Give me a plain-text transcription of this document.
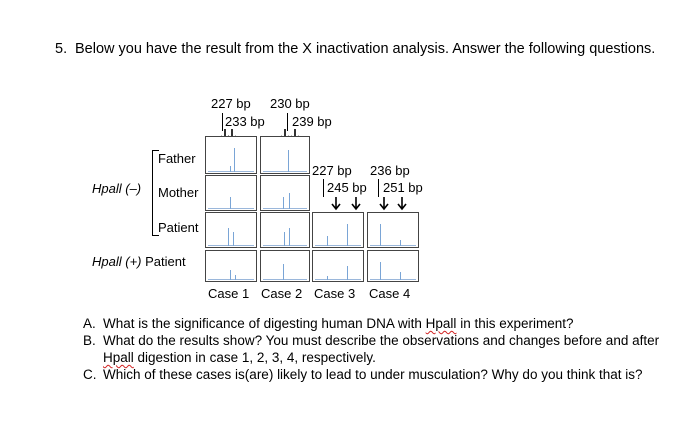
5. Below you have the result from the X inactivation analysis. Answer the following questions.
227 bp 230 bp
233 bp 239 bp
227 bp 236 bp
245 bp 251 bp
Father
Mother
Patient
Hpall (–)
Hpall (+) Patient
Case 1 Case 2 Case 3 Case 4
A. What is the significance of digesting human DNA with Hpall in this experiment?
B. What do the results show? You must describe the observations and changes before and after Hpall digestion in case 1, 2, 3, 4, respectively.
C. Which of these cases is(are) likely to lead to under musculation? Why do you think that is?
